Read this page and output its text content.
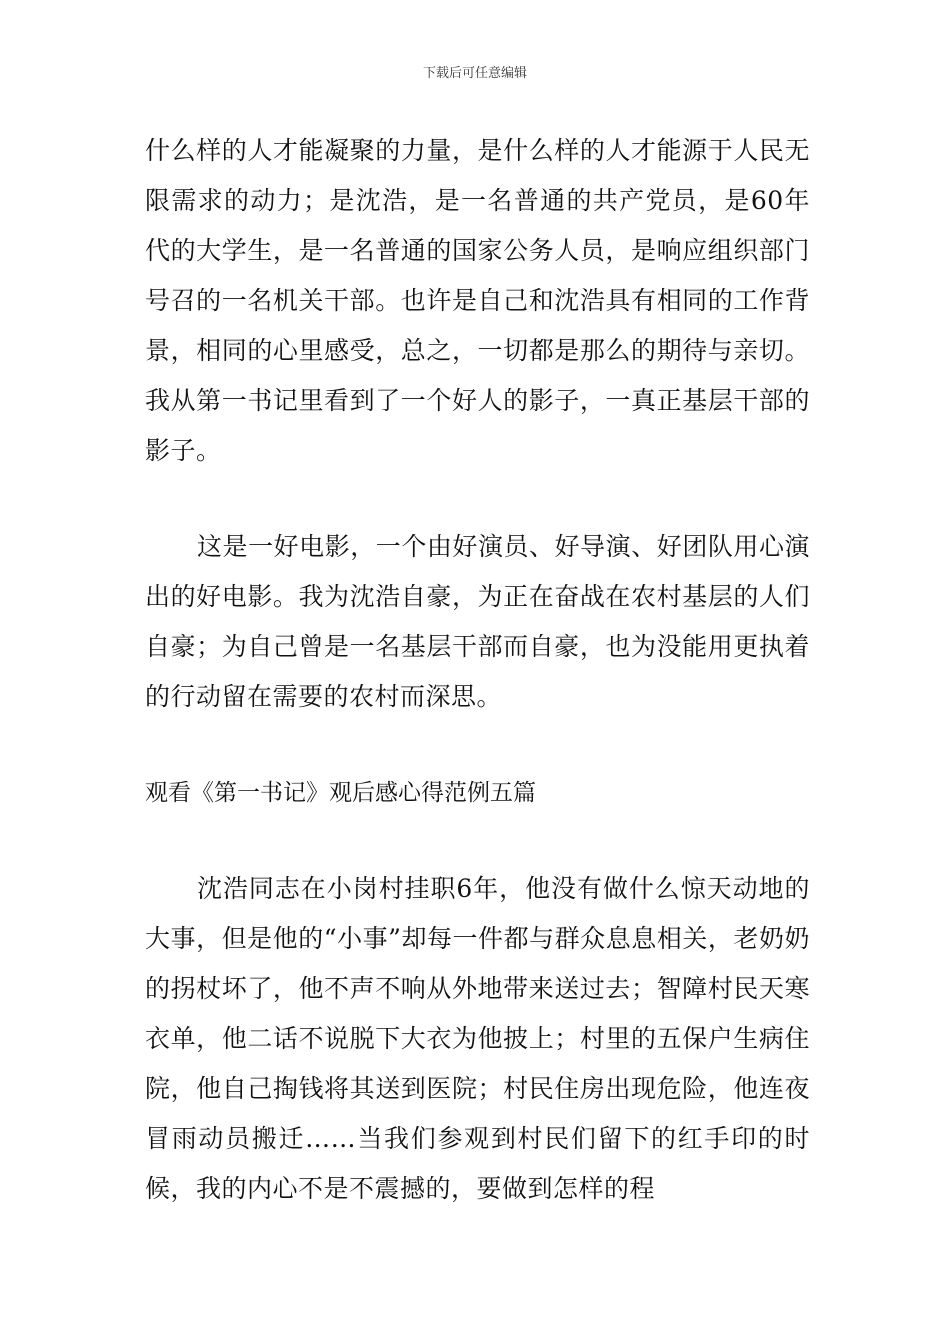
下载后可任意编辑

什么样的人才能凝聚的力量，是什么样的人才能源于人民无限需求的动力；是沈浩，是一名普通的共产党员，是60年代的大学生，是一名普通的国家公务人员，是响应组织部门号召的一名机关干部。也许是自己和沈浩具有相同的工作背景，相同的心里感受，总之，一切都是那么的期待与亲切。我从第一书记里看到了一个好人的影子，一真正基层干部的影子。

这是一好电影，一个由好演员、好导演、好团队用心演出的好电影。我为沈浩自豪，为正在奋战在农村基层的人们自豪；为自己曾是一名基层干部而自豪，也为没能用更执着的行动留在需要的农村而深思。

观看《第一书记》观后感心得范例五篇

沈浩同志在小岗村挂职6年，他没有做什么惊天动地的大事，但是他的“小事”却每一件都与群众息息相关，老奶奶的拐杖坏了，他不声不响从外地带来送过去；智障村民天寒衣单，他二话不说脱下大衣为他披上；村里的五保户生病住院，他自己掏钱将其送到医院；村民住房出现危险，他连夜冒雨动员搬迁……当我们参观到村民们留下的红手印的时候，我的内心不是不震撼的，要做到怎样的程
